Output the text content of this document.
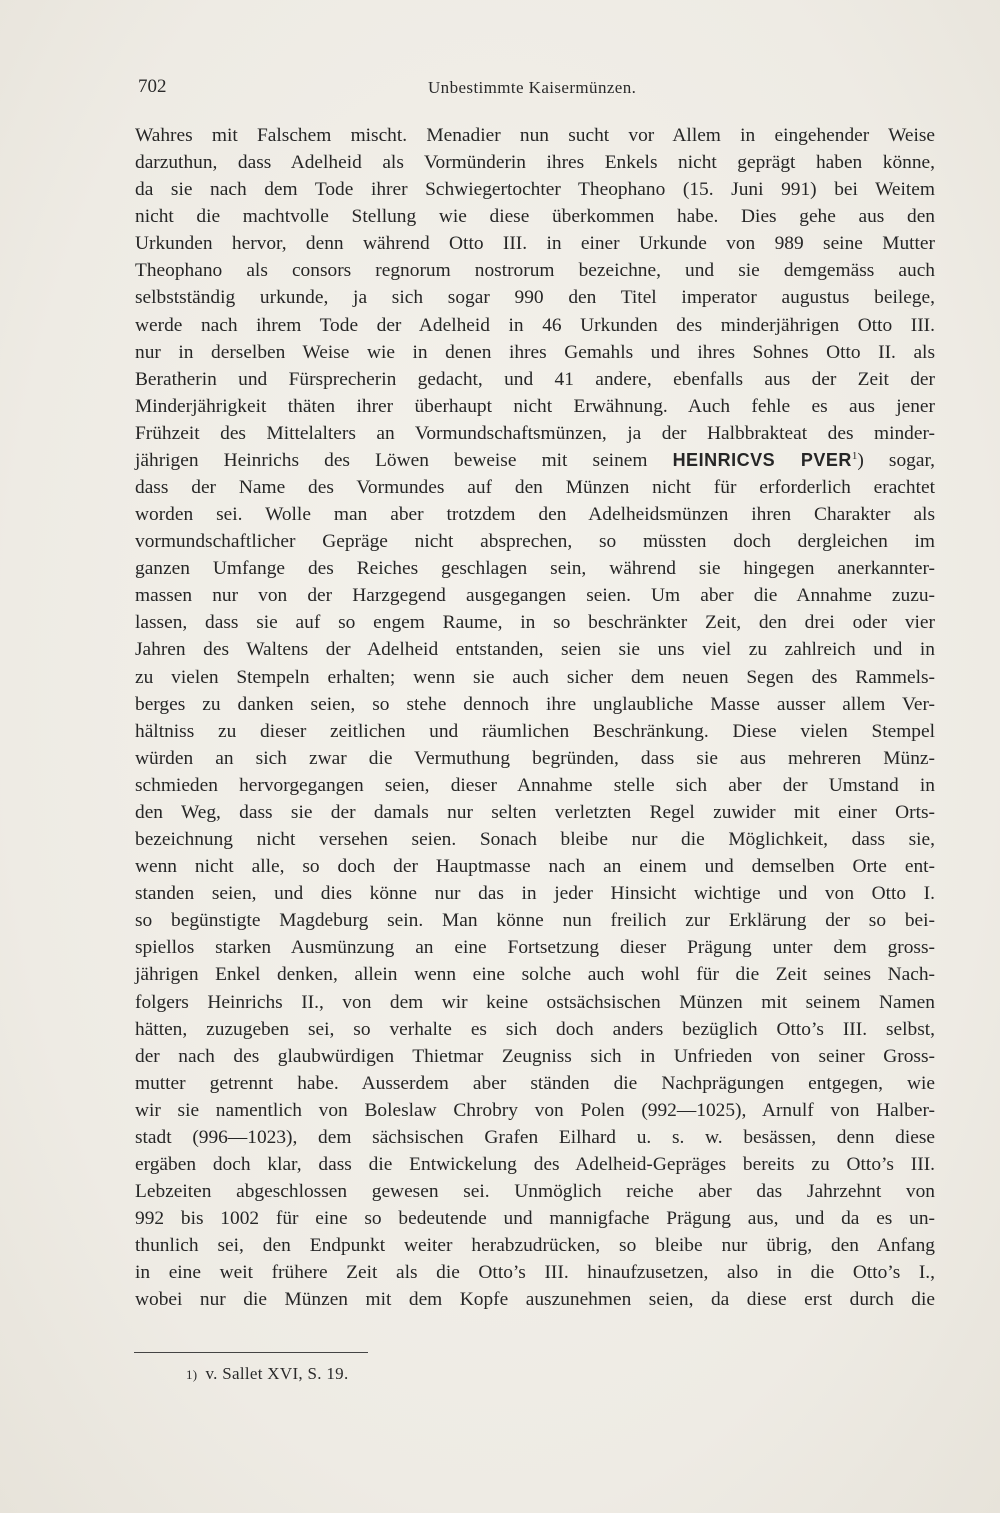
702	Unbestimmte Kaisermünzen.
Wahres mit Falschem mischt. Menadier nun sucht vor Allem in eingehender Weise
darzuthun, dass Adelheid als Vormünderin ihres Enkels nicht geprägt haben könne,
da sie nach dem Tode ihrer Schwiegertochter Theophano (15. Juni 991) bei Weitem
nicht die machtvolle Stellung wie diese überkommen habe. Dies gehe aus den
Urkunden hervor, denn während Otto III. in einer Urkunde von 989 seine Mutter
Theophano als consors regnorum nostrorum bezeichne, und sie demgemäss auch
selbstständig urkunde, ja sich sogar 990 den Titel imperator augustus beilege,
werde nach ihrem Tode der Adelheid in 46 Urkunden des minderjährigen Otto III.
nur in derselben Weise wie in denen ihres Gemahls und ihres Sohnes Otto II. als
Beratherin und Fürsprecherin gedacht, und 41 andere, ebenfalls aus der Zeit der
Minderjährigkeit thäten ihrer überhaupt nicht Erwähnung. Auch fehle es aus jener
Frühzeit des Mittelalters an Vormundschaftsmünzen, ja der Halbbrakteat des minder-
jährigen Heinrichs des Löwen beweise mit seinem HEINRICVS PVER$^1$) sogar,
dass der Name des Vormundes auf den Münzen nicht für erforderlich erachtet
worden sei. Wolle man aber trotzdem den Adelheidsmünzen ihren Charakter als
vormundschaftlicher Gepräge nicht absprechen, so müssten doch dergleichen im
ganzen Umfange des Reiches geschlagen sein, während sie hingegen anerkannter-
massen nur von der Harzgegend ausgegangen seien. Um aber die Annahme zuzu-
lassen, dass sie auf so engem Raume, in so beschränkter Zeit, den drei oder vier
Jahren des Waltens der Adelheid entstanden, seien sie uns viel zu zahlreich und in
zu vielen Stempeln erhalten; wenn sie auch sicher dem neuen Segen des Rammels-
berges zu danken seien, so stehe dennoch ihre unglaubliche Masse ausser allem Ver-
hältniss zu dieser zeitlichen und räumlichen Beschränkung. Diese vielen Stempel
würden an sich zwar die Vermuthung begründen, dass sie aus mehreren Münz-
schmieden hervorgegangen seien, dieser Annahme stelle sich aber der Umstand in
den Weg, dass sie der damals nur selten verletzten Regel zuwider mit einer Orts-
bezeichnung nicht versehen seien. Sonach bleibe nur die Möglichkeit, dass sie,
wenn nicht alle, so doch der Hauptmasse nach an einem und demselben Orte ent-
standen seien, und dies könne nur das in jeder Hinsicht wichtige und von Otto I.
so begünstigte Magdeburg sein. Man könne nun freilich zur Erklärung der so bei-
spiellos starken Ausmünzung an eine Fortsetzung dieser Prägung unter dem gross-
jährigen Enkel denken, allein wenn eine solche auch wohl für die Zeit seines Nach-
folgers Heinrichs II., von dem wir keine ostsächsischen Münzen mit seinem Namen
hätten, zuzugeben sei, so verhalte es sich doch anders bezüglich Otto’s III. selbst,
der nach des glaubwürdigen Thietmar Zeugniss sich in Unfrieden von seiner Gross-
mutter getrennt habe. Ausserdem aber ständen die Nachprägungen entgegen, wie
wir sie namentlich von Boleslaw Chrobry von Polen (992—1025), Arnulf von Halber-
stadt (996—1023), dem sächsischen Grafen Eilhard u. s. w. besässen, denn diese
ergäben doch klar, dass die Entwickelung des Adelheid-Gepräges bereits zu Otto’s III.
Lebzeiten abgeschlossen gewesen sei. Unmöglich reiche aber das Jahrzehnt von
992 bis 1002 für eine so bedeutende und mannigfache Prägung aus, und da es un-
thunlich sei, den Endpunkt weiter herabzudrücken, so bleibe nur übrig, den Anfang
in eine weit frühere Zeit als die Otto’s III. hinaufzusetzen, also in die Otto’s I.,
wobei nur die Münzen mit dem Kopfe auszunehmen seien, da diese erst durch die
1) v. Sallet XVI, S. 19.
